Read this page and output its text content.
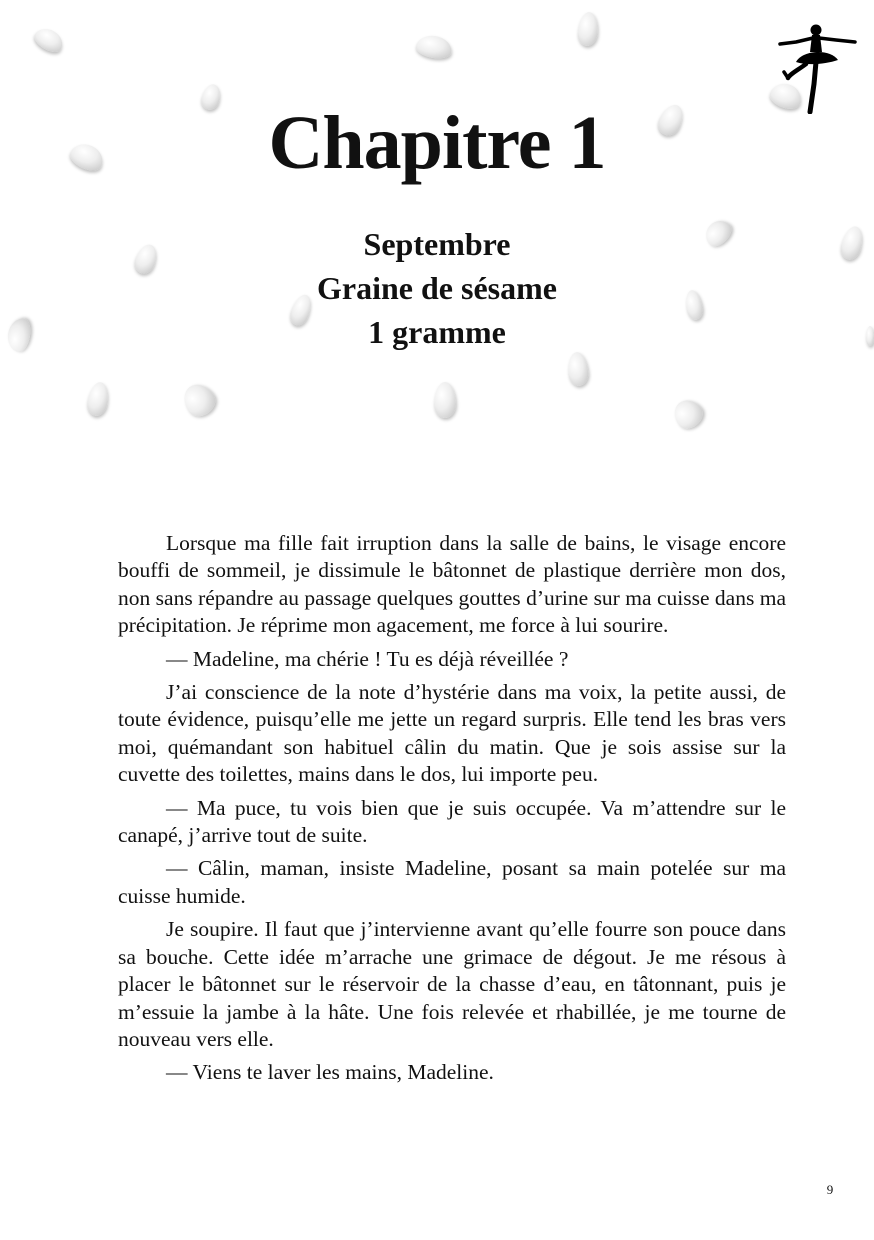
Chapitre 1
Septembre
Graine de sésame
1 gramme

Lorsque ma fille fait irruption dans la salle de bains, le visage encore bouffi de sommeil, je dissimule le bâtonnet de plastique derrière mon dos, non sans répandre au passage quelques gouttes d’urine sur ma cuisse dans ma précipitation. Je réprime mon agacement, me force à lui sourire.

— Madeline, ma chérie ! Tu es déjà réveillée ?

J’ai conscience de la note d’hystérie dans ma voix, la petite aussi, de toute évidence, puisqu’elle me jette un regard surpris. Elle tend les bras vers moi, quémandant son habituel câlin du matin. Que je sois assise sur la cuvette des toilettes, mains dans le dos, lui importe peu.

— Ma puce, tu vois bien que je suis occupée. Va m’attendre sur le canapé, j’arrive tout de suite.

— Câlin, maman, insiste Madeline, posant sa main potelée sur ma cuisse humide.

Je soupire. Il faut que j’intervienne avant qu’elle fourre son pouce dans sa bouche. Cette idée m’arrache une grimace de dégout. Je me résous à placer le bâtonnet sur le réservoir de la chasse d’eau, en tâtonnant, puis je m’essuie la jambe à la hâte. Une fois relevée et rhabillée, je me tourne de nouveau vers elle.

— Viens te laver les mains, Madeline.

9
